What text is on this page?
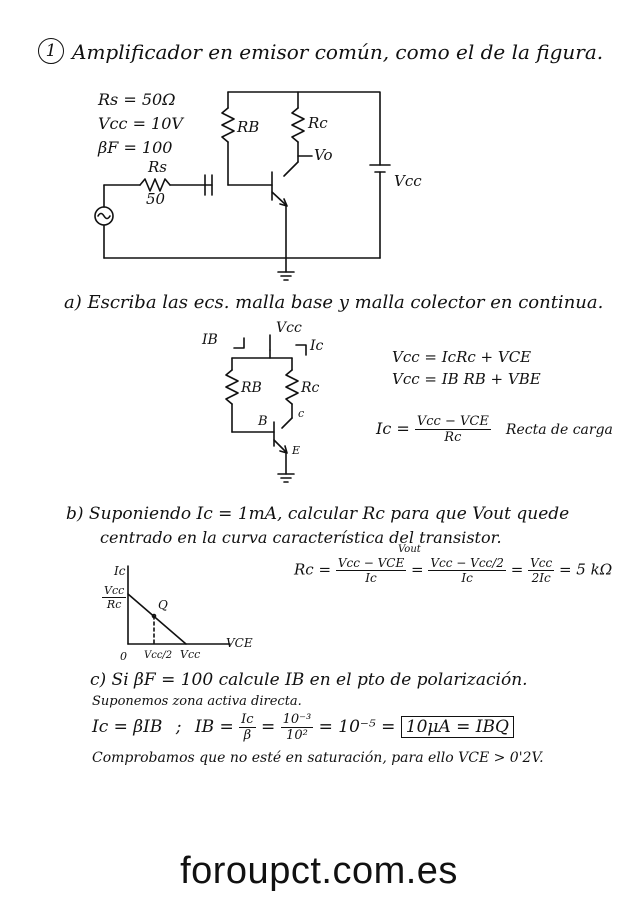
1 Amplificador en emisor común, como el de la figura.
Rs = 50Ω
Vcc = 10V
βF = 100
Rs
50
RB	Rc
Vo
Vcc
a) Escriba las ecs. malla base y malla colector en continua.
IB
Vcc
Ic
RB	Rc
B
c
E
Vcc = IcRc + VCE
Vcc = IB RB + VBE
$Ic = \frac{\text{Vcc − VCE}}{Rc}$ Recta de carga
b) Suponiendo Ic = 1mA, calcular Rc para que Vout quede
centrado en la curva característica del transistor.
Vout
$Rc = \frac{\text{Vcc − VCE}}{Ic} = \frac{\text{Vcc − Vcc/2}}{Ic} = \frac{\text{Vcc}}{2Ic} = 5$ kΩ
Ic
$\frac{\text{Vcc}}{Rc}$	Q
0 Vcc/2 Vcc
VCE
c) Si βF = 100 calcule IB en el pto de polarización.
Suponemos zona activa directa.
Ic = βIB ; IB = $\frac{Ic}{\beta} = \frac{\text{10⁻³}}{\text{10²}} = 10^{-5} = 10\mu A$ = IBQ
Comprobamos que no esté en saturación, para ello VCE > 0'2V.
foroupct.com.es
